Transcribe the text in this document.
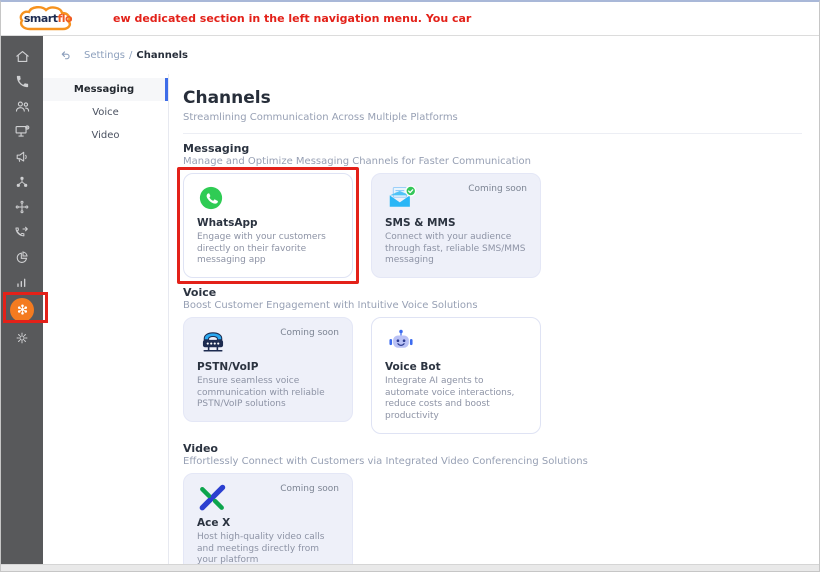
smartflo	ew dedicated section in the left navigation menu. You car
Settings / Channels
Messaging
Voice
Video
Channels
Streamlining Communication Across Multiple Platforms
Messaging
Manage and Optimize Messaging Channels for Faster Communication
WhatsApp
Engage with your customers directly on their favorite messaging app
Coming soon
SMS & MMS
Connect with your audience through fast, reliable SMS/MMS messaging
Voice
Boost Customer Engagement with Intuitive Voice Solutions
Coming soon
PSTN/VoIP
Ensure seamless voice communication with reliable PSTN/VoIP solutions
Voice Bot
Integrate AI agents to automate voice interactions, reduce costs and boost productivity
Video
Effortlessly Connect with Customers via Integrated Video Conferencing Solutions
Coming soon
Ace X
Host high-quality video calls and meetings directly from your platform
